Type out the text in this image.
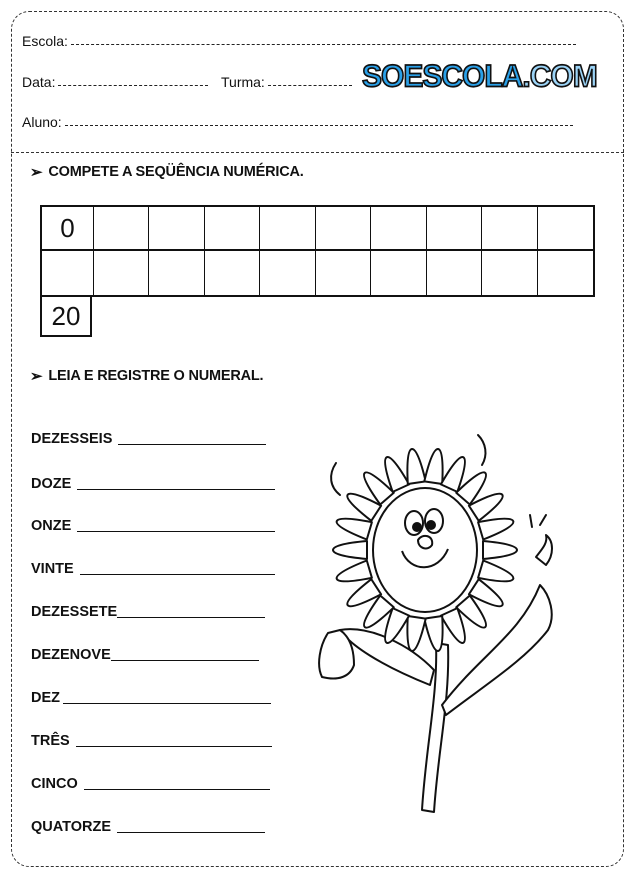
Escola:
Data:	Turma:	SOESCOLA.COM
Aluno:
➢ COMPETE A SEQÜÊNCIA NUMÉRICA.
0
20
➢ LEIA E REGISTRE O NUMERAL.
DEZESSEIS
DOZE
ONZE
VINTE
DEZESSETE
DEZENOVE
DEZ
TRÊS
CINCO
QUATORZE
